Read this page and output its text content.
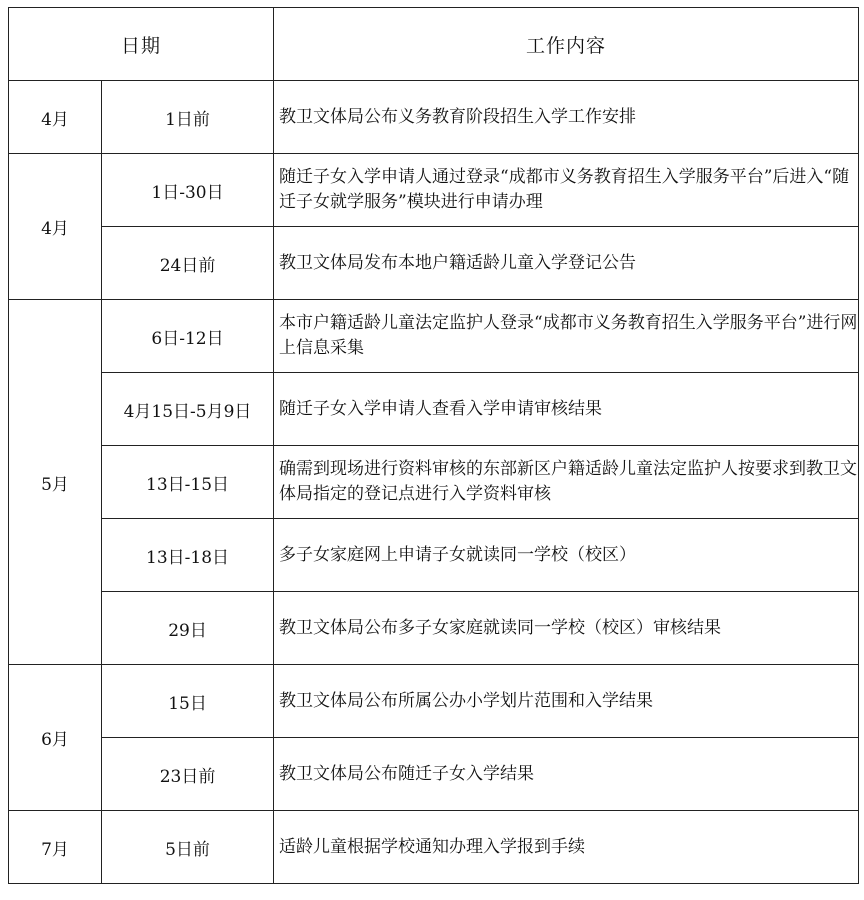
日期		工作内容
4月	1日前	教卫文体局公布义务教育阶段招生入学工作安排
4月	1日-30日	随迁子女入学申请人通过登录“成都市义务教育招生入学服务平台”后进入“随迁子女就学服务”模块进行申请办理
	24日前	教卫文体局发布本地户籍适龄儿童入学登记公告
5月	6日-12日	本市户籍适龄儿童法定监护人登录“成都市义务教育招生入学服务平台”进行网上信息采集
	4月15日-5月9日	随迁子女入学申请人查看入学申请审核结果
	13日-15日	确需到现场进行资料审核的东部新区户籍适龄儿童法定监护人按要求到教卫文体局指定的登记点进行入学资料审核
	13日-18日	多子女家庭网上申请子女就读同一学校（校区）
	29日	教卫文体局公布多子女家庭就读同一学校（校区）审核结果
6月	15日	教卫文体局公布所属公办小学划片范围和入学结果
	23日前	教卫文体局公布随迁子女入学结果
7月	5日前	适龄儿童根据学校通知办理入学报到手续
